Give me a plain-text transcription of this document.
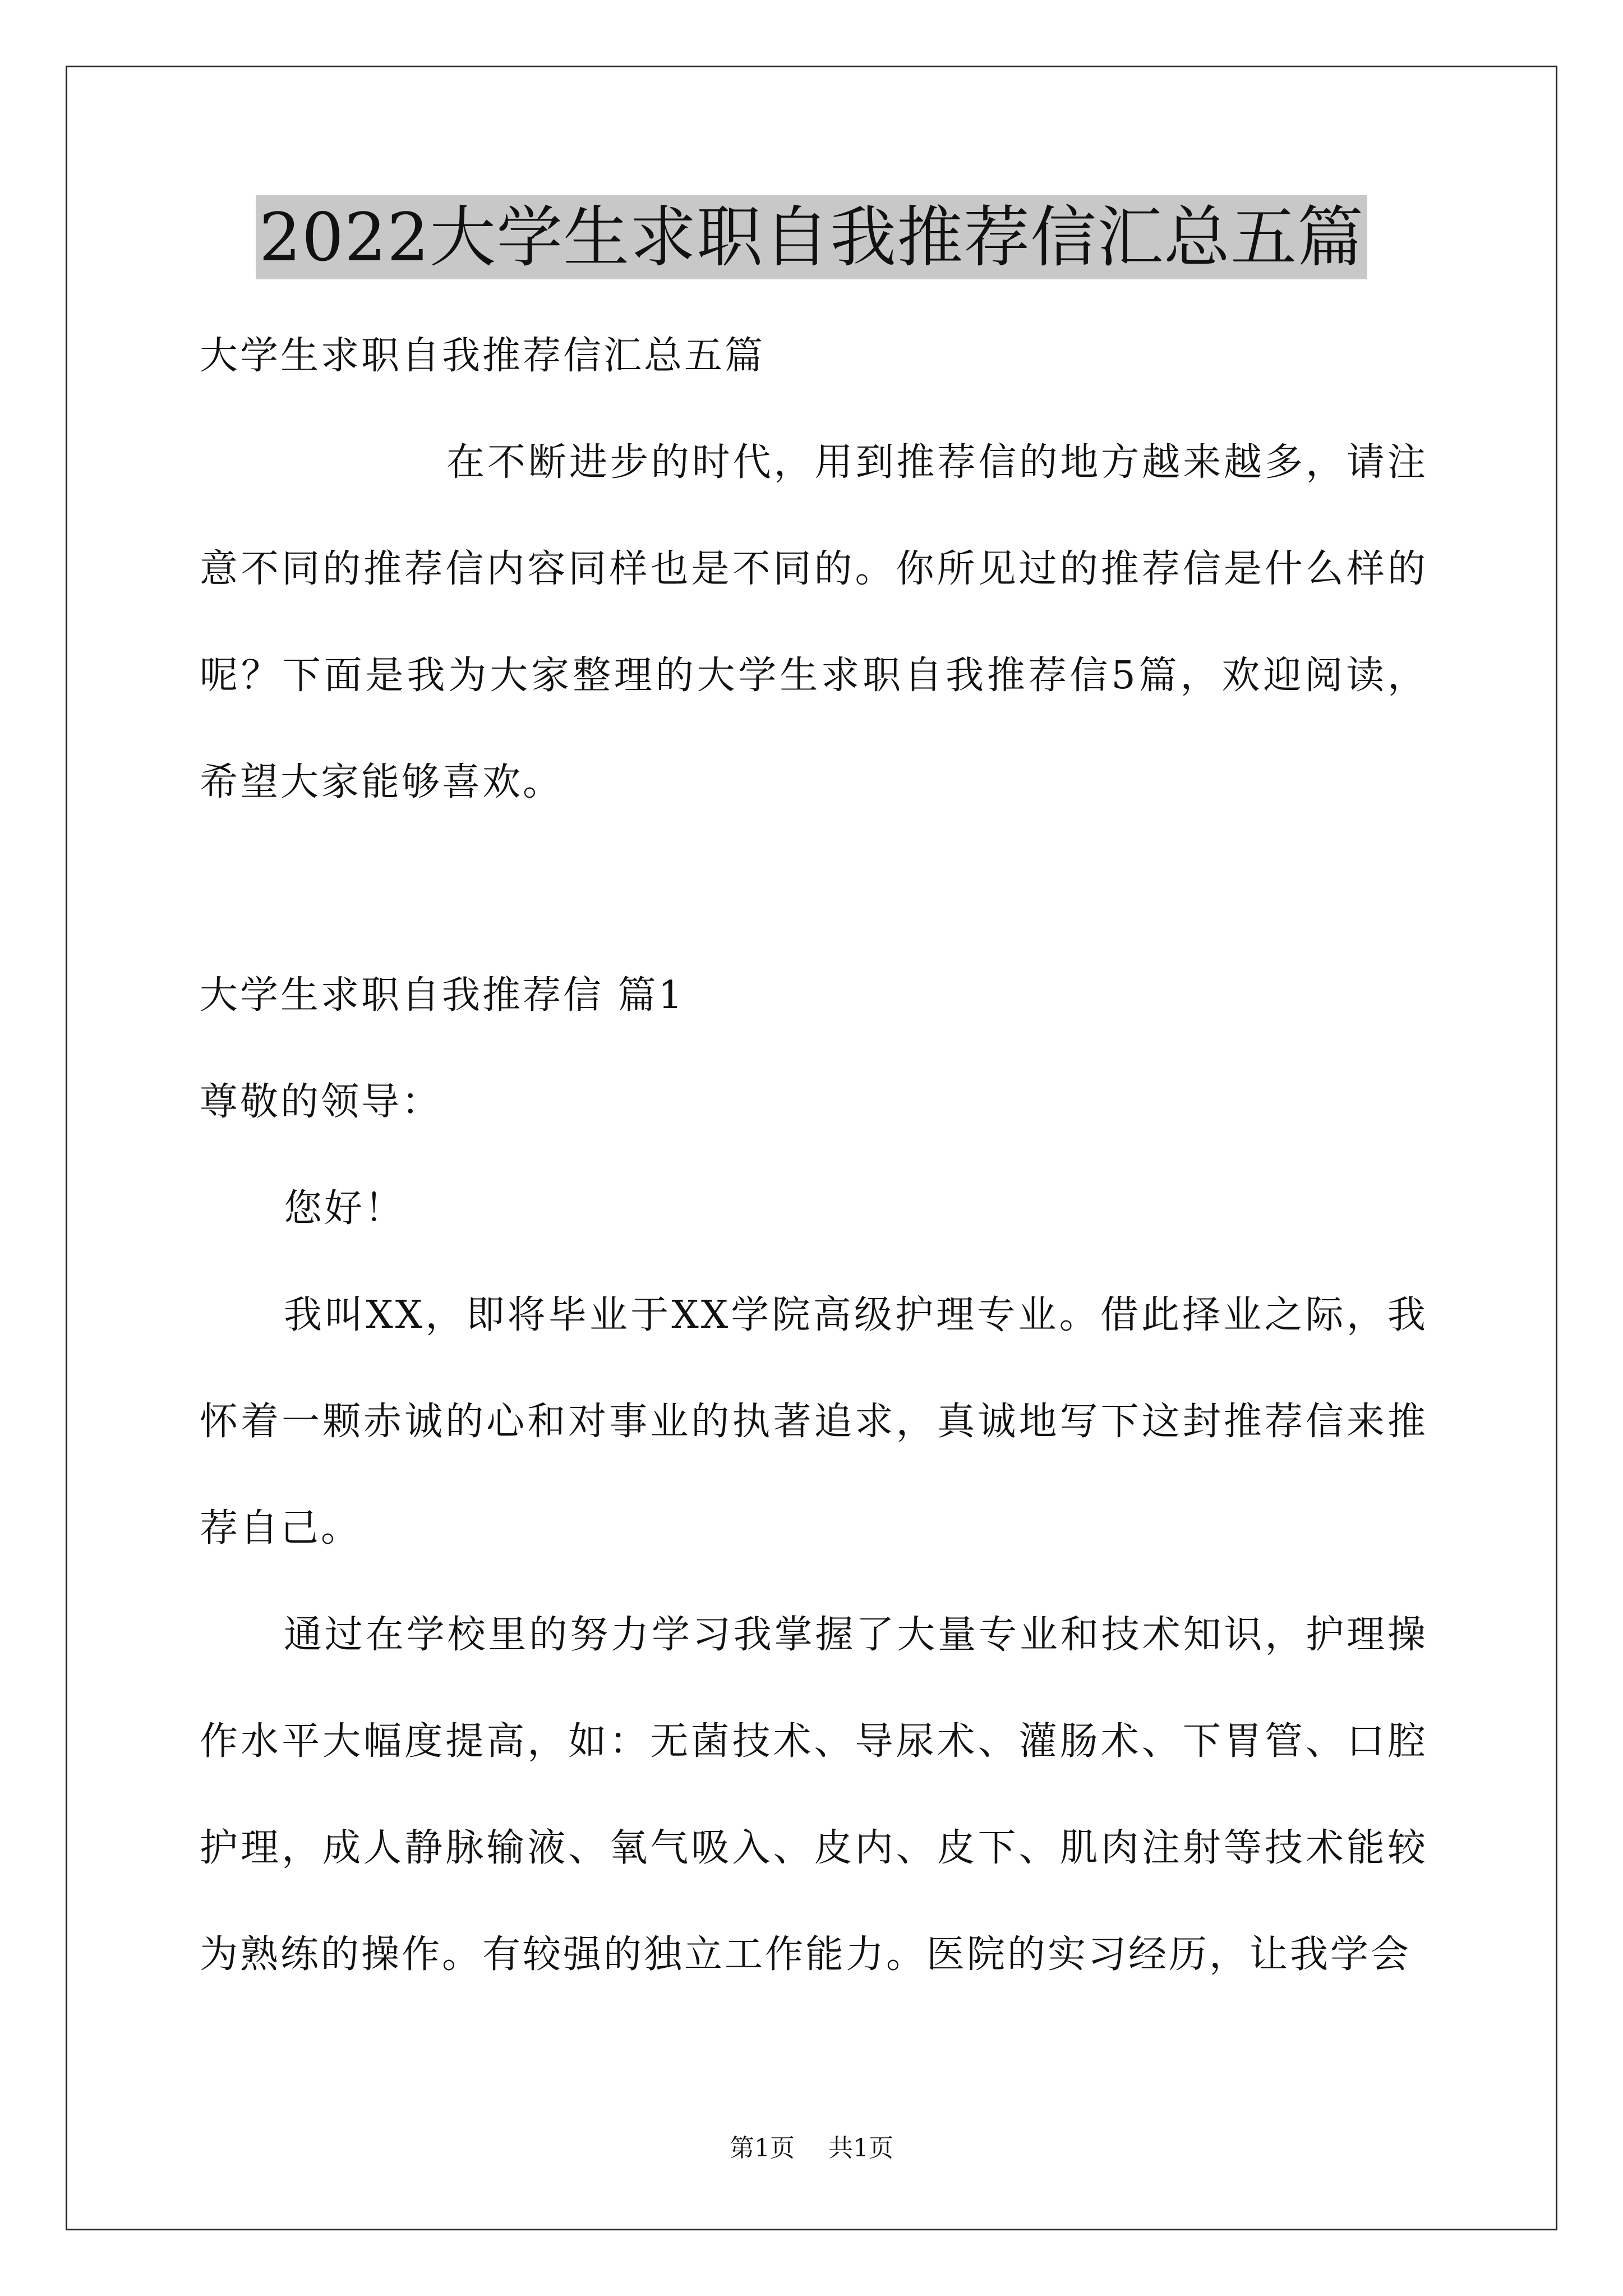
2022大学生求职自我推荐信汇总五篇

大学生求职自我推荐信汇总五篇

在不断进步的时代，用到推荐信的地方越来越多，请注意不同的推荐信内容同样也是不同的。你所见过的推荐信是什么样的呢？下面是我为大家整理的大学生求职自我推荐信5篇，欢迎阅读，希望大家能够喜欢。

大学生求职自我推荐信 篇1

尊敬的领导：

您好！

我叫XX，即将毕业于XX学院高级护理专业。借此择业之际，我怀着一颗赤诚的心和对事业的执著追求，真诚地写下这封推荐信来推荐自己。

通过在学校里的努力学习我掌握了大量专业和技术知识，护理操作水平大幅度提高，如：无菌技术、导尿术、灌肠术、下胃管、口腔护理，成人静脉输液、氧气吸入、皮内、皮下、肌肉注射等技术能较为熟练的操作。有较强的独立工作能力。医院的实习经历，让我学会

第1页 共1页
